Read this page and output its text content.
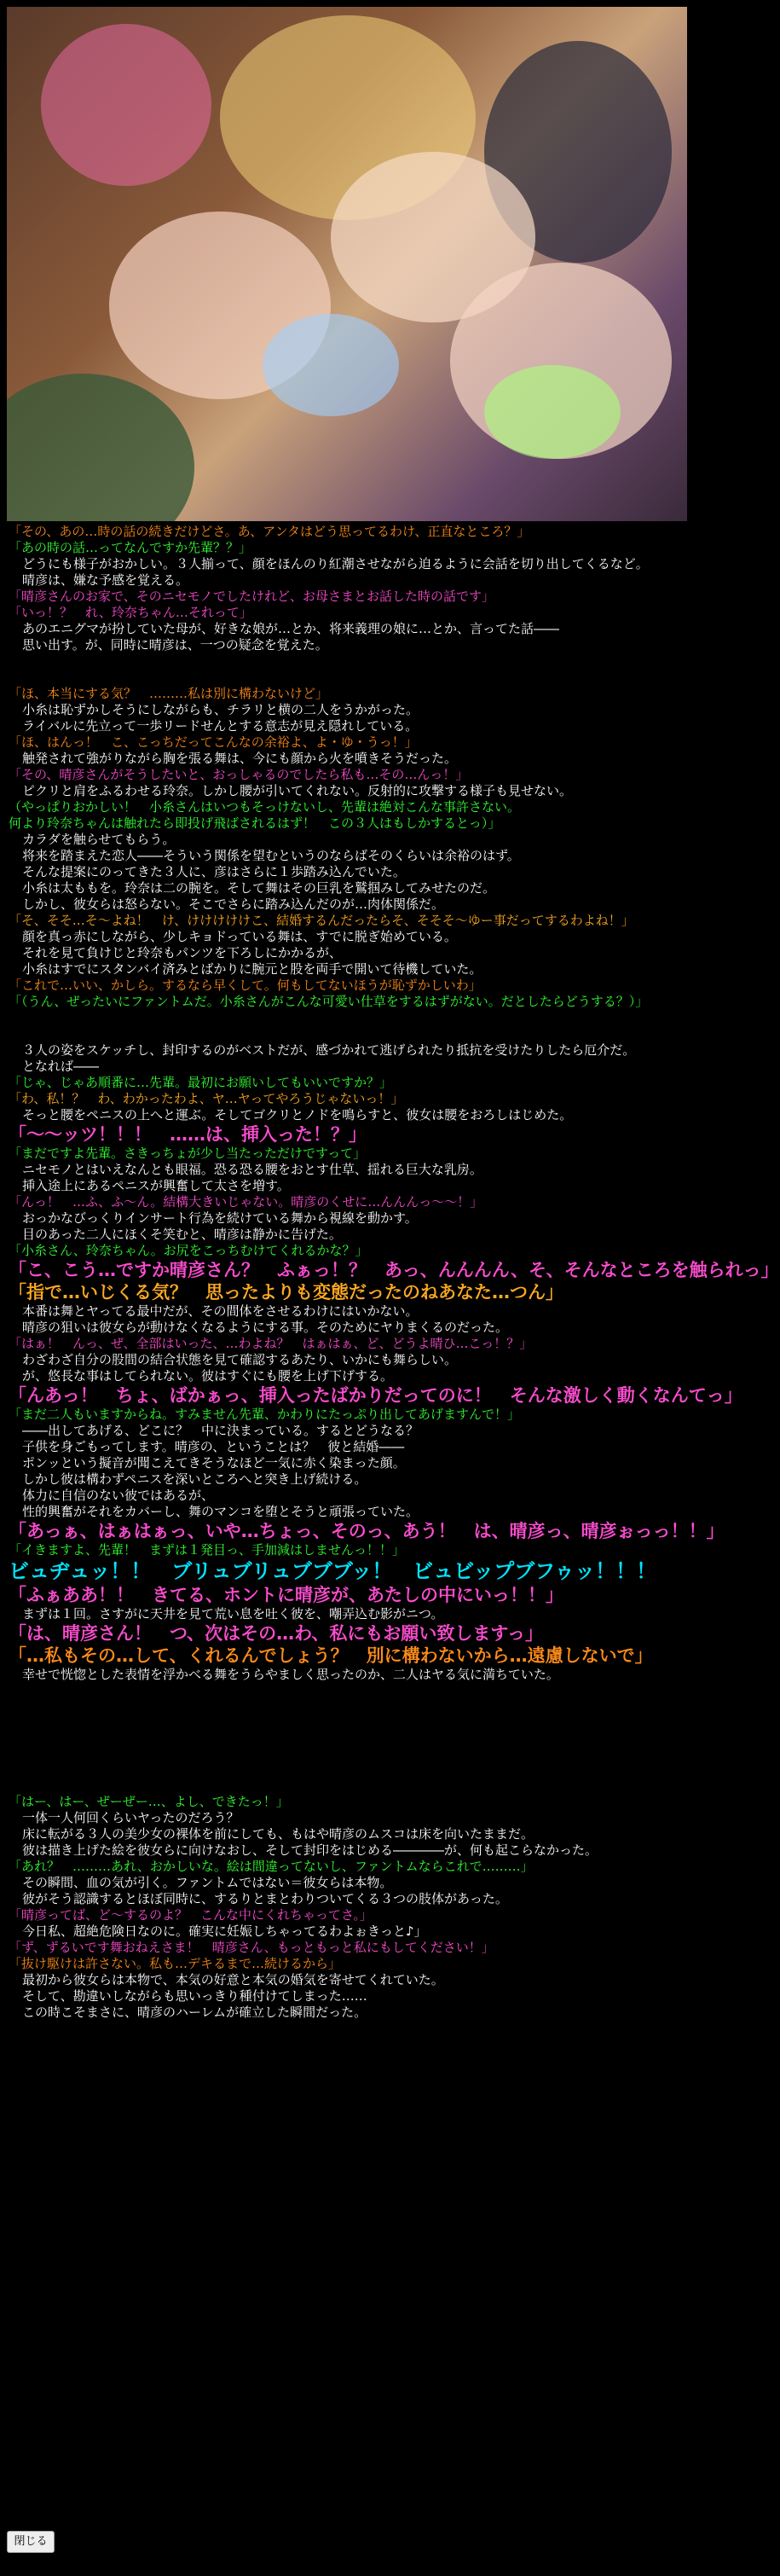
「その、あの…時の話の続きだけどさ。あ、アンタはどう思ってるわけ、正直なところ？」
「あの時の話…ってなんですか先輩？？」
どうにも様子がおかしい。３人揃って、顔をほんのり紅潮させながら迫るように会話を切り出してくるなど。
晴彦は、嫌な予感を覚える。
「晴彦さんのお家で、そのニセモノでしたけれど、お母さまとお話した時の話です」
「いっ！？　れ、玲奈ちゃん…それって」
あのエニグマが扮していた母が、好きな娘が…とか、将来義理の娘に…とか、言ってた話――
思い出す。が、同時に晴彦は、一つの疑念を覚えた。
「ほ、本当にする気？　………私は別に構わないけど」
小糸は恥ずかしそうにしながらも、チラリと横の二人をうかがった。
ライバルに先立って一歩リードせんとする意志が見え隠れしている。
「ほ、はんっ！　こ、こっちだってこんなの余裕よ、よ・ゆ・うっ！」
触発されて強がりながら胸を張る舞は、今にも顔から火を噴きそうだった。
「その、晴彦さんがそうしたいと、おっしゃるのでしたら私も…その…んっ！」
ピクリと肩をふるわせる玲奈。しかし腰が引いてくれない。反射的に攻撃する様子も見せない。
（やっぱりおかしい！　小糸さんはいつもそっけないし、先輩は絶対こんな事許さない。
何より玲奈ちゃんは触れたら即投げ飛ばされるはず！　この３人はもしかするとっ）」
カラダを触らせてもらう。
将来を踏まえた恋人――そういう関係を望むというのならばそのくらいは余裕のはず。
そんな提案にのってきた３人に、彦はさらに１歩踏み込んでいた。
小糸は太ももを。玲奈は二の腕を。そして舞はその巨乳を鷲掴みしてみせたのだ。
しかし、彼女らは怒らない。そこでさらに踏み込んだのが…肉体関係だ。
「そ、そそ…そ～よね！　け、けけけけけこ、結婚するんだったらそ、そそそ～ゆー事だってするわよね！」
顔を真っ赤にしながら、少しキョドっている舞は、すでに脱ぎ始めている。
それを見て負けじと玲奈もパンツを下ろしにかかるが、
小糸はすでにスタンバイ済みとばかりに腕元と股を両手で開いて待機していた。
「これで…いい、かしら。するなら早くして。何もしてないほうが恥ずかしいわ」
「（うん、ぜったいにファントムだ。小糸さんがこんな可愛い仕草をするはずがない。だとしたらどうする？）」
３人の姿をスケッチし、封印するのがベストだが、感づかれて逃げられたり抵抗を受けたりしたら厄介だ。
となれば――
「じゃ、じゃあ順番に…先輩。最初にお願いしてもいいですか？」
「わ、私！？　わ、わかったわよ、ヤ…ヤってやろうじゃないっ！」
そっと腰をペニスの上へと運ぶ。そしてゴクリとノドを鳴らすと、彼女は腰をおろしはじめた。
「～～ッツ！！！　……は、挿入った！？」
「まだですよ先輩。さきっちょが少し当たっただけですって」
ニセモノとはいえなんとも眼福。恐る恐る腰をおとす仕草、揺れる巨大な乳房。
挿入途上にあるペニスが興奮して太さを増す。
「んっ！　…ふ、ふ～ん。結構大きいじゃない。晴彦のくせに…んんんっ～～！」
おっかなびっくりインサート行為を続けている舞から視線を動かす。
目のあった二人にほくそ笑むと、晴彦は静かに告げた。
「小糸さん、玲奈ちゃん。お尻をこっちむけてくれるかな？」
「こ、こう…ですか晴彦さん？　ふぁっ！？　あっ、んんんん、そ、そんなところを触られっ」
「指で…いじくる気？　思ったよりも変態だったのねあなた…つん」
本番は舞とヤってる最中だが、その間体をさせるわけにはいかない。
晴彦の狙いは彼女らが動けなくなるようにする事。そのためにヤりまくるのだった。
「はぁ！　んっ、ぜ、全部はいった、…わよね？　はぁはぁ、ど、どうよ晴ひ…こっ！？」
わざわざ自分の股間の結合状態を見て確認するあたり、いかにも舞らしい。
が、悠長な事はしてられない。彼はすぐにも腰を上げ下げする。
「んあっ！　ちょ、ばかぁっ、挿入ったばかりだってのに！　そんな激しく動くなんてっ」
「まだ二人もいますからね。すみません先輩、かわりにたっぷり出してあげますんで！」
――出してあげる、どこに？　中に決まっている。するとどうなる？
子供を身ごもってします。晴彦の、ということは？　彼と結婚――
ポンッという擬音が聞こえてきそうなほど一気に赤く染まった顔。
しかし彼は構わずペニスを深いところへと突き上げ続ける。
体力に自信のない彼ではあるが、
性的興奮がそれをカバーし、舞のマンコを堕とそうと頑張っていた。
「あっぁ、はぁはぁっ、いや…ちょっ、そのっ、あう！　は、晴彦っ、晴彦ぉっっ！！」
「イきますよ、先輩！　まずは１発目っ、手加減はしませんっ！！」
ビュヂュッ！！　ブリュブリュブブブッ！　ビュビップブフゥッ！！！
「ふぁああ！！　きてる、ホントに晴彦が、あたしの中にいっ！！」
まずは１回。さすがに天井を見て荒い息を吐く彼を、嘲弄込む影がニつ。
「は、晴彦さん！　つ、次はその…わ、私にもお願い致しますっ」
「…私もその…して、くれるんでしょう？　別に構わないから…遠慮しないで」
幸せで恍惚とした表情を浮かべる舞をうらやましく思ったのか、二人はヤる気に満ちていた。
「はー、はー、ぜーぜー…、よし、できたっ！」
一体一人何回くらいヤったのだろう？
床に転がる３人の美少女の裸体を前にしても、もはや晴彦のムスコは床を向いたままだ。
彼は描き上げた絵を彼女らに向けなおし、そして封印をはじめる――――が、何も起こらなかった。
「あれ？　………あれ、おかしいな。絵は間違ってないし、ファントムならこれで………」
その瞬間、血の気が引く。ファントムではない＝彼女らは本物。
彼がそう認識するとほぼ同時に、するりとまとわりついてくる３つの肢体があった。
「晴彦ってば、ど～するのよ？　こんな中にくれちゃってさ。」
今日私、超絶危険日なのに。確実に妊娠しちゃってるわよぉきっと♪」
「ず、ずるいです舞おねえさま！　晴彦さん、もっともっと私にもしてください！」
「抜け駆けは許さない。私も…デキるまで…続けるから」
最初から彼女らは本物で、本気の好意と本気の婚気を寄せてくれていた。
そして、勘違いしながらも思いっきり種付けてしまった……
この時こそまさに、晴彦のハーレムが確立した瞬間だった。
閉じる
